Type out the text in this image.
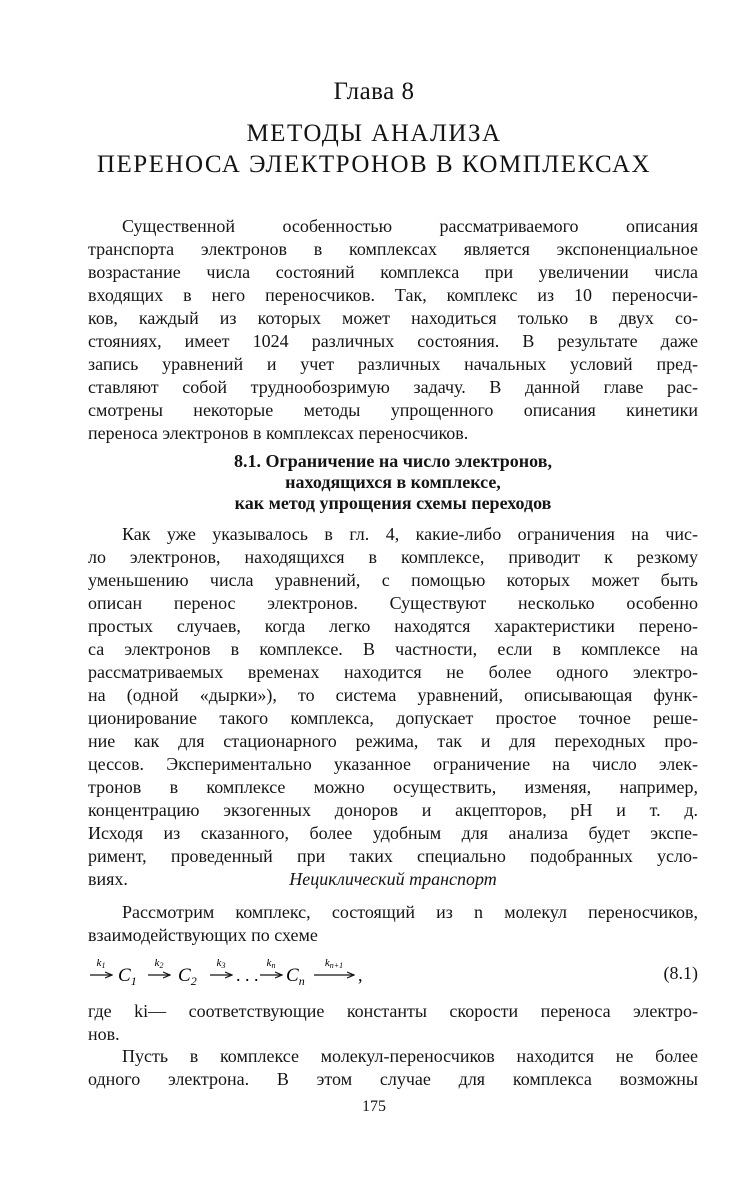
Глава 8
МЕТОДЫ АНАЛИЗА
ПЕРЕНОСА ЭЛЕКТРОНОВ В КОМПЛЕКСАХ
Существенной особенностью рассматриваемого описания
транспорта электронов в комплексах является экспоненциальное
возрастание числа состояний комплекса при увеличении числа
входящих в него переносчиков. Так, комплекс из 10 переносчи-
ков, каждый из которых может находиться только в двух со-
стояниях, имеет 1024 различных состояния. В результате даже
запись уравнений и учет различных начальных условий пред-
ставляют собой труднообозримую задачу. В данной главе рас-
смотрены некоторые методы упрощенного описания кинетики
переноса электронов в комплексах переносчиков.
8.1. Ограничение на число электронов,
находящихся в комплексе,
как метод упрощения схемы переходов
Как уже указывалось в гл. 4, какие-либо ограничения на чис-
ло электронов, находящихся в комплексе, приводит к резкому
уменьшению числа уравнений, с помощью которых может быть
описан перенос электронов. Существуют несколько особенно
простых случаев, когда легко находятся характеристики перено-
са электронов в комплексе. В частности, если в комплексе на
рассматриваемых временах находится не более одного электро-
на (одной «дырки»), то система уравнений, описывающая функ-
ционирование такого комплекса, допускает простое точное реше-
ние как для стационарного режима, так и для переходных про-
цессов. Экспериментально указанное ограничение на число элек-
тронов в комплексе можно осуществить, изменяя, например,
концентрацию экзогенных доноров и акцепторов, pH и т. д.
Исходя из сказанного, более удобным для анализа будет экспе-
римент, проведенный при таких специально подобранных усло-
виях.	Нециклический транспорт
Рассмотрим комплекс, состоящий из n молекул переносчиков,
взаимодействующих по схеме
k1 $C_1$
k2 $C_2$
k3 . . .
kn $C_n$
kn+1 ,	(8.1)
где ki— соответствующие константы скорости переноса электро-
нов.
Пусть в комплексе молекул-переносчиков находится не более
одного электрона. В этом случае для комплекса возможны
175
